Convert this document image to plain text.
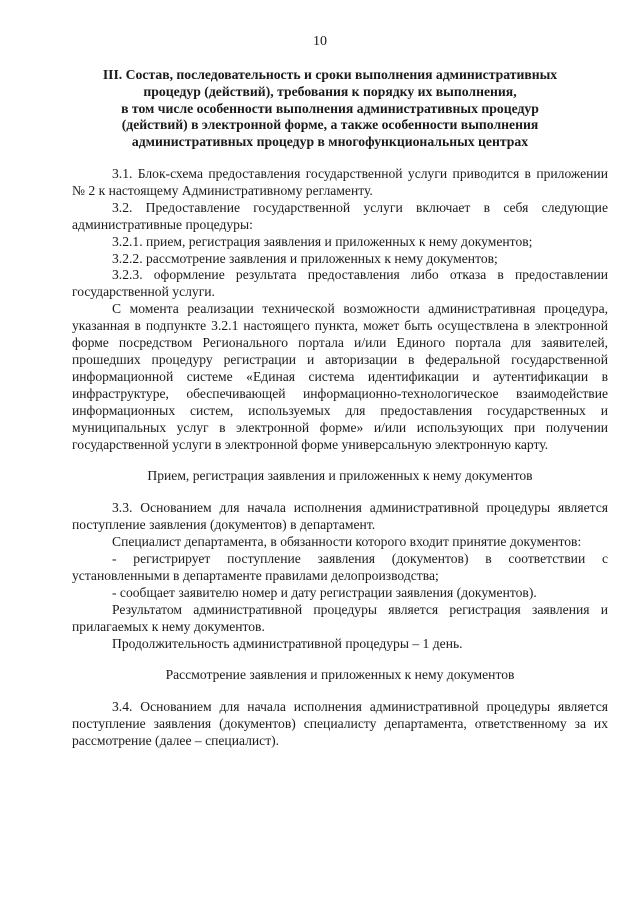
10
III. Состав, последовательность и сроки выполнения административных
процедур (действий), требования к порядку их выполнения,
в том числе особенности выполнения административных процедур
(действий) в электронной форме, а также особенности выполнения
административных процедур в многофункциональных центрах

3.1. Блок-схема предоставления государственной услуги приводится в приложении № 2 к настоящему Административному регламенту.

3.2. Предоставление государственной услуги включает в себя следующие административные процедуры:

3.2.1. прием, регистрация заявления и приложенных к нему документов;

3.2.2. рассмотрение заявления и приложенных к нему документов;

3.2.3. оформление результата предоставления либо отказа в предоставлении государственной услуги.

С момента реализации технической возможности административная процедура, указанная в подпункте 3.2.1 настоящего пункта, может быть осуществлена в электронной форме посредством Регионального портала и/или Единого портала для заявителей, прошедших процедуру регистрации и авторизации в федеральной государственной информационной системе «Единая система идентификации и аутентификации в инфраструктуре, обеспечивающей информационно-технологическое взаимодействие информационных систем, используемых для предоставления государственных и муниципальных услуг в электронной форме» и/или использующих при получении государственной услуги в электронной форме универсальную электронную карту.

Прием, регистрация заявления и приложенных к нему документов

3.3. Основанием для начала исполнения административной процедуры является поступление заявления (документов) в департамент.

Специалист департамента, в обязанности которого входит принятие документов:

- регистрирует поступление заявления (документов) в соответствии с установленными в департаменте правилами делопроизводства;

- сообщает заявителю номер и дату регистрации заявления (документов).

Результатом административной процедуры является регистрация заявления и прилагаемых к нему документов.

Продолжительность административной процедуры – 1 день.

Рассмотрение заявления и приложенных к нему документов

3.4. Основанием для начала исполнения административной процедуры является поступление заявления (документов) специалисту департамента, ответственному за их рассмотрение (далее – специалист).
